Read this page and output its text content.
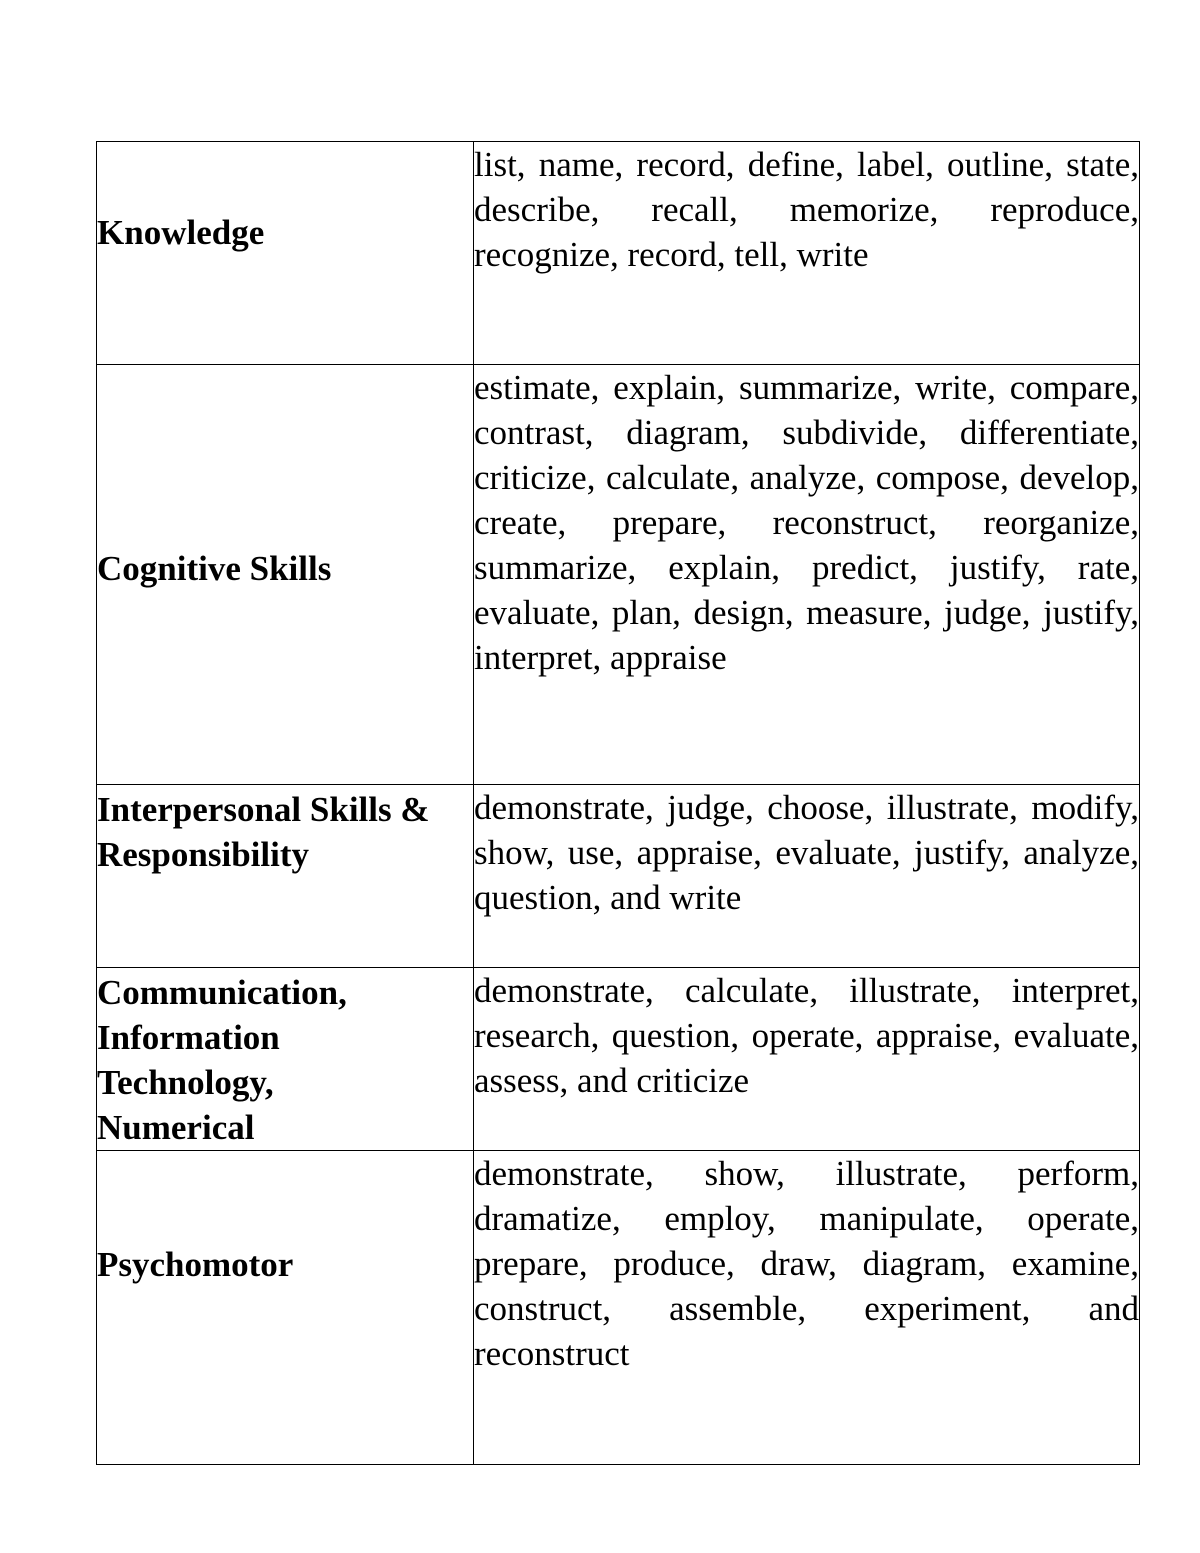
Knowledge	list, name, record, define, label, outline, state, describe, recall, memorize, reproduce, recognize, record, tell, write
Cognitive Skills	estimate, explain, summarize, write, compare, contrast, diagram, subdivide, differentiate, criticize, calculate, analyze, compose, develop, create, prepare, reconstruct, reorganize, summarize, explain, predict, justify, rate, evaluate, plan, design, measure, judge, justify, interpret, appraise
Interpersonal Skills & Responsibility	demonstrate, judge, choose, illustrate, modify, show, use, appraise, evaluate, justify, analyze, question, and write
Communication,
Information
Technology,
Numerical	demonstrate, calculate, illustrate, interpret, research, question, operate, appraise, evaluate, assess, and criticize
Psychomotor	demonstrate, show, illustrate, perform, dramatize, employ, manipulate, operate, prepare, produce, draw, diagram, examine, construct, assemble, experiment, and reconstruct
